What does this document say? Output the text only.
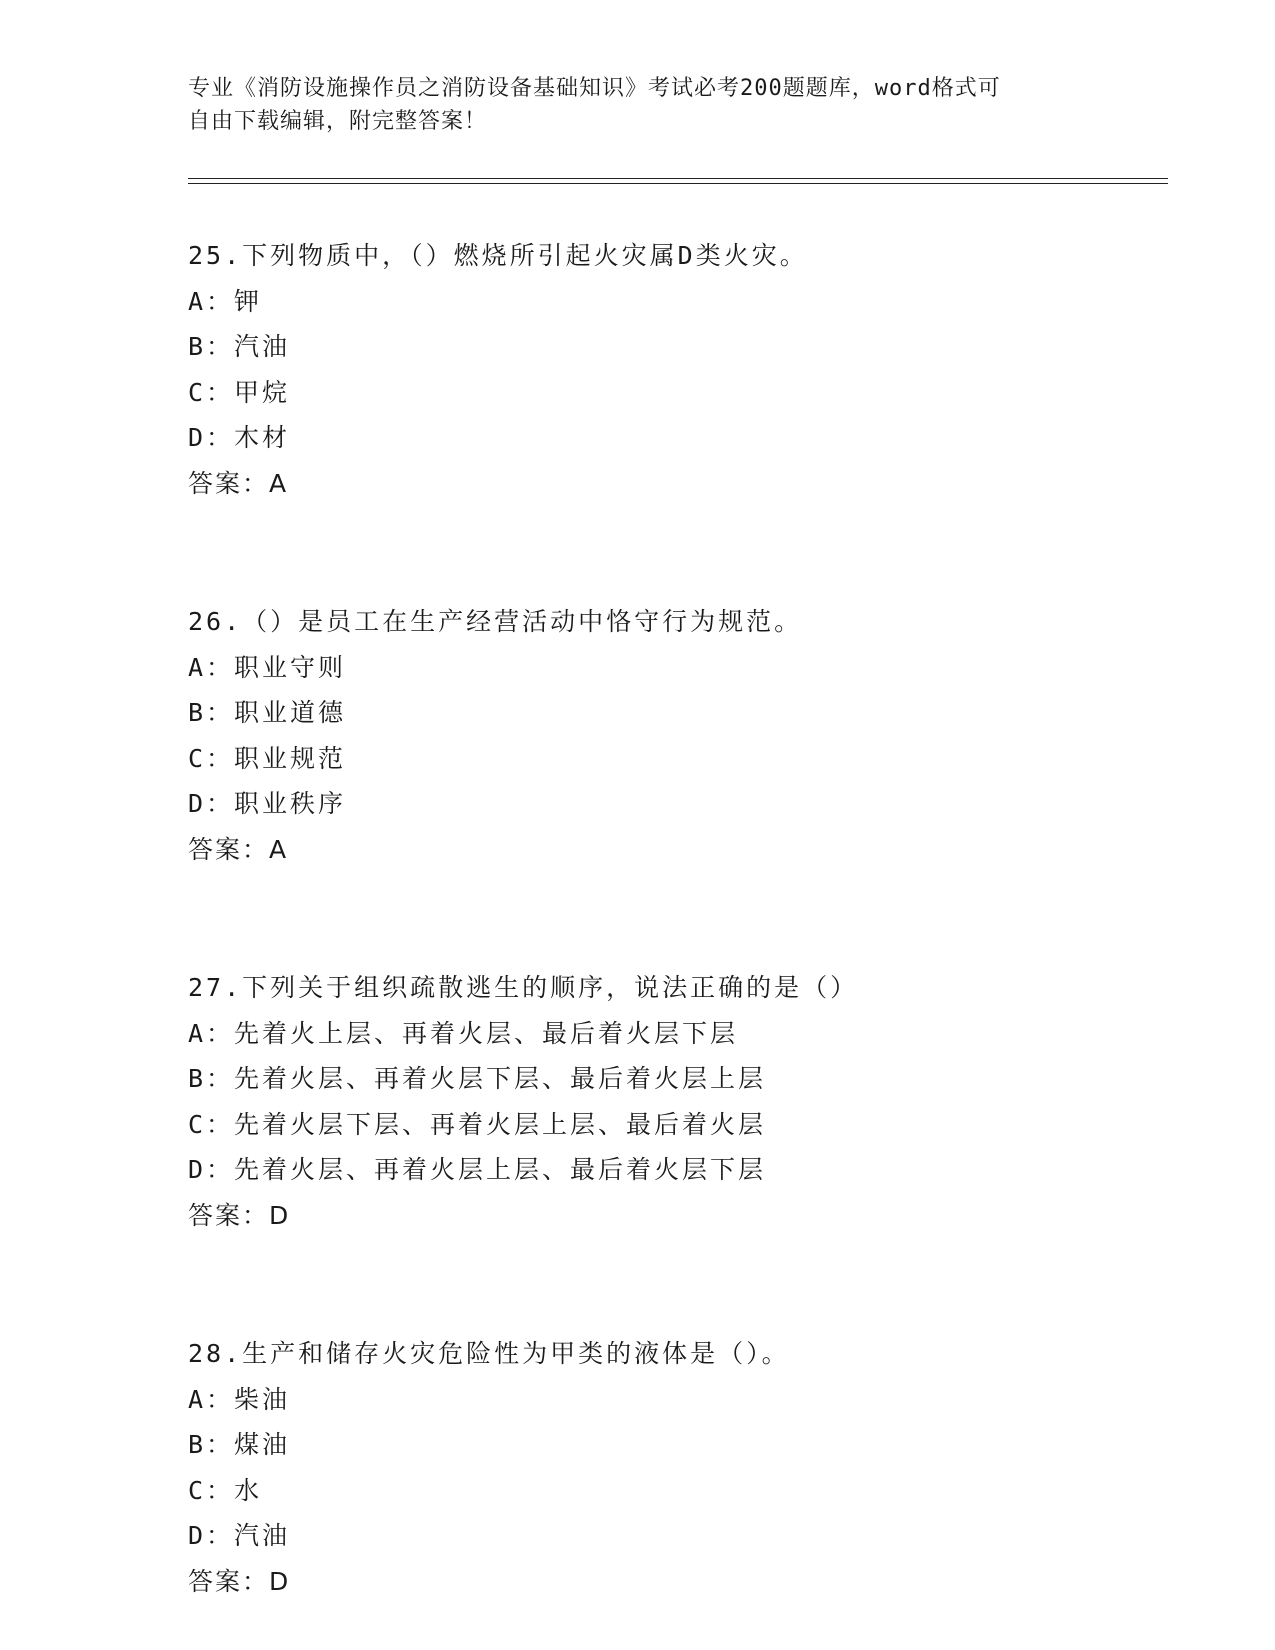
专业《消防设施操作员之消防设备基础知识》考试必考200题题库，word格式可
自由下载编辑，附完整答案！
25.下列物质中，（）燃烧所引起火灾属D类火灾。
A：钾
B：汽油
C：甲烷
D：木材
答案：A
26.（）是员工在生产经营活动中恪守行为规范。
A：职业守则
B：职业道德
C：职业规范
D：职业秩序
答案：A
27.下列关于组织疏散逃生的顺序，说法正确的是（）
A：先着火上层、再着火层、最后着火层下层
B：先着火层、再着火层下层、最后着火层上层
C：先着火层下层、再着火层上层、最后着火层
D：先着火层、再着火层上层、最后着火层下层
答案：D
28.生产和储存火灾危险性为甲类的液体是（）。
A：柴油
B：煤油
C：水
D：汽油
答案：D
